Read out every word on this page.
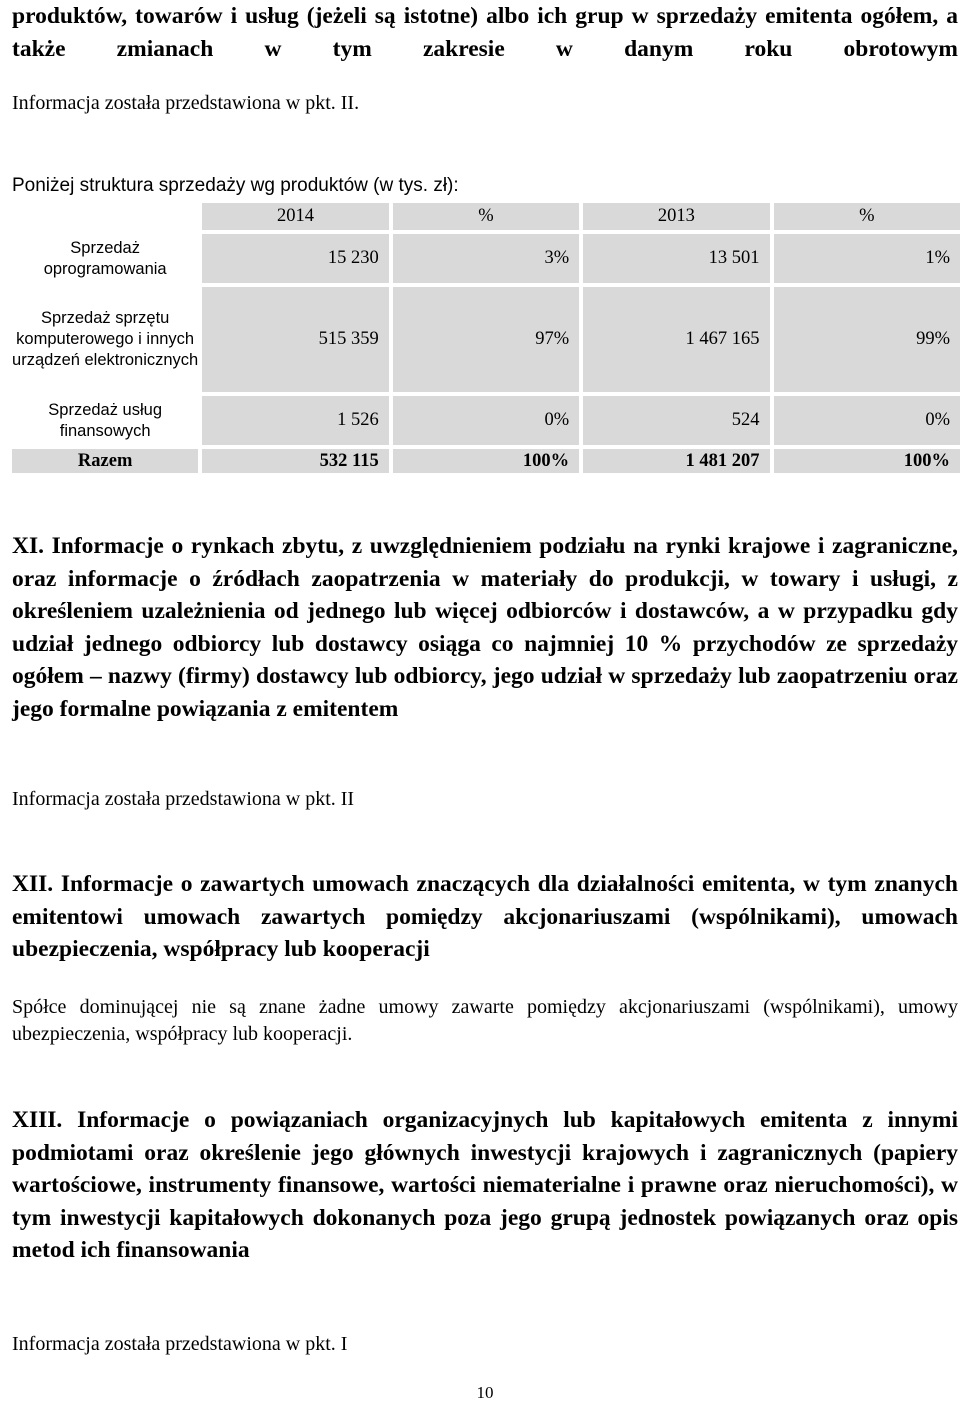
produktów, towarów i usług (jeżeli są istotne) albo ich grup w sprzedaży emitenta ogółem, a także zmianach w tym zakresie w danym roku obrotowym

Informacja została przedstawiona w pkt. II.

Poniżej struktura sprzedaży wg produktów (w tys. zł):

	2014	%	2013	%
Sprzedaż oprogramowania	15 230	3%	13 501	1%
Sprzedaż sprzętu komputerowego i innych urządzeń elektronicznych	515 359	97%	1 467 165	99%
Sprzedaż usług finansowych	1 526	0%	524	0%
Razem	532 115	100%	1 481 207	100%

XI. Informacje o rynkach zbytu, z uwzględnieniem podziału na rynki krajowe i zagraniczne, oraz informacje o źródłach zaopatrzenia w materiały do produkcji, w towary i usługi, z określeniem uzależnienia od jednego lub więcej odbiorców i dostawców, a w przypadku gdy udział jednego odbiorcy lub dostawcy osiąga co najmniej 10 % przychodów ze sprzedaży ogółem – nazwy (firmy) dostawcy lub odbiorcy, jego udział w sprzedaży lub zaopatrzeniu oraz jego formalne powiązania z emitentem

Informacja została przedstawiona w pkt. II

XII. Informacje o zawartych umowach znaczących dla działalności emitenta, w tym znanych emitentowi umowach zawartych pomiędzy akcjonariuszami (wspólnikami), umowach ubezpieczenia, współpracy lub kooperacji

Spółce dominującej nie są znane żadne umowy zawarte pomiędzy akcjonariuszami (wspólnikami), umowy ubezpieczenia, współpracy lub kooperacji.

XIII. Informacje o powiązaniach organizacyjnych lub kapitałowych emitenta z innymi podmiotami oraz określenie jego głównych inwestycji krajowych i zagranicznych (papiery wartościowe, instrumenty finansowe, wartości niematerialne i prawne oraz nieruchomości), w tym inwestycji kapitałowych dokonanych poza jego grupą jednostek powiązanych oraz opis metod ich finansowania

Informacja została przedstawiona w pkt. I

10
